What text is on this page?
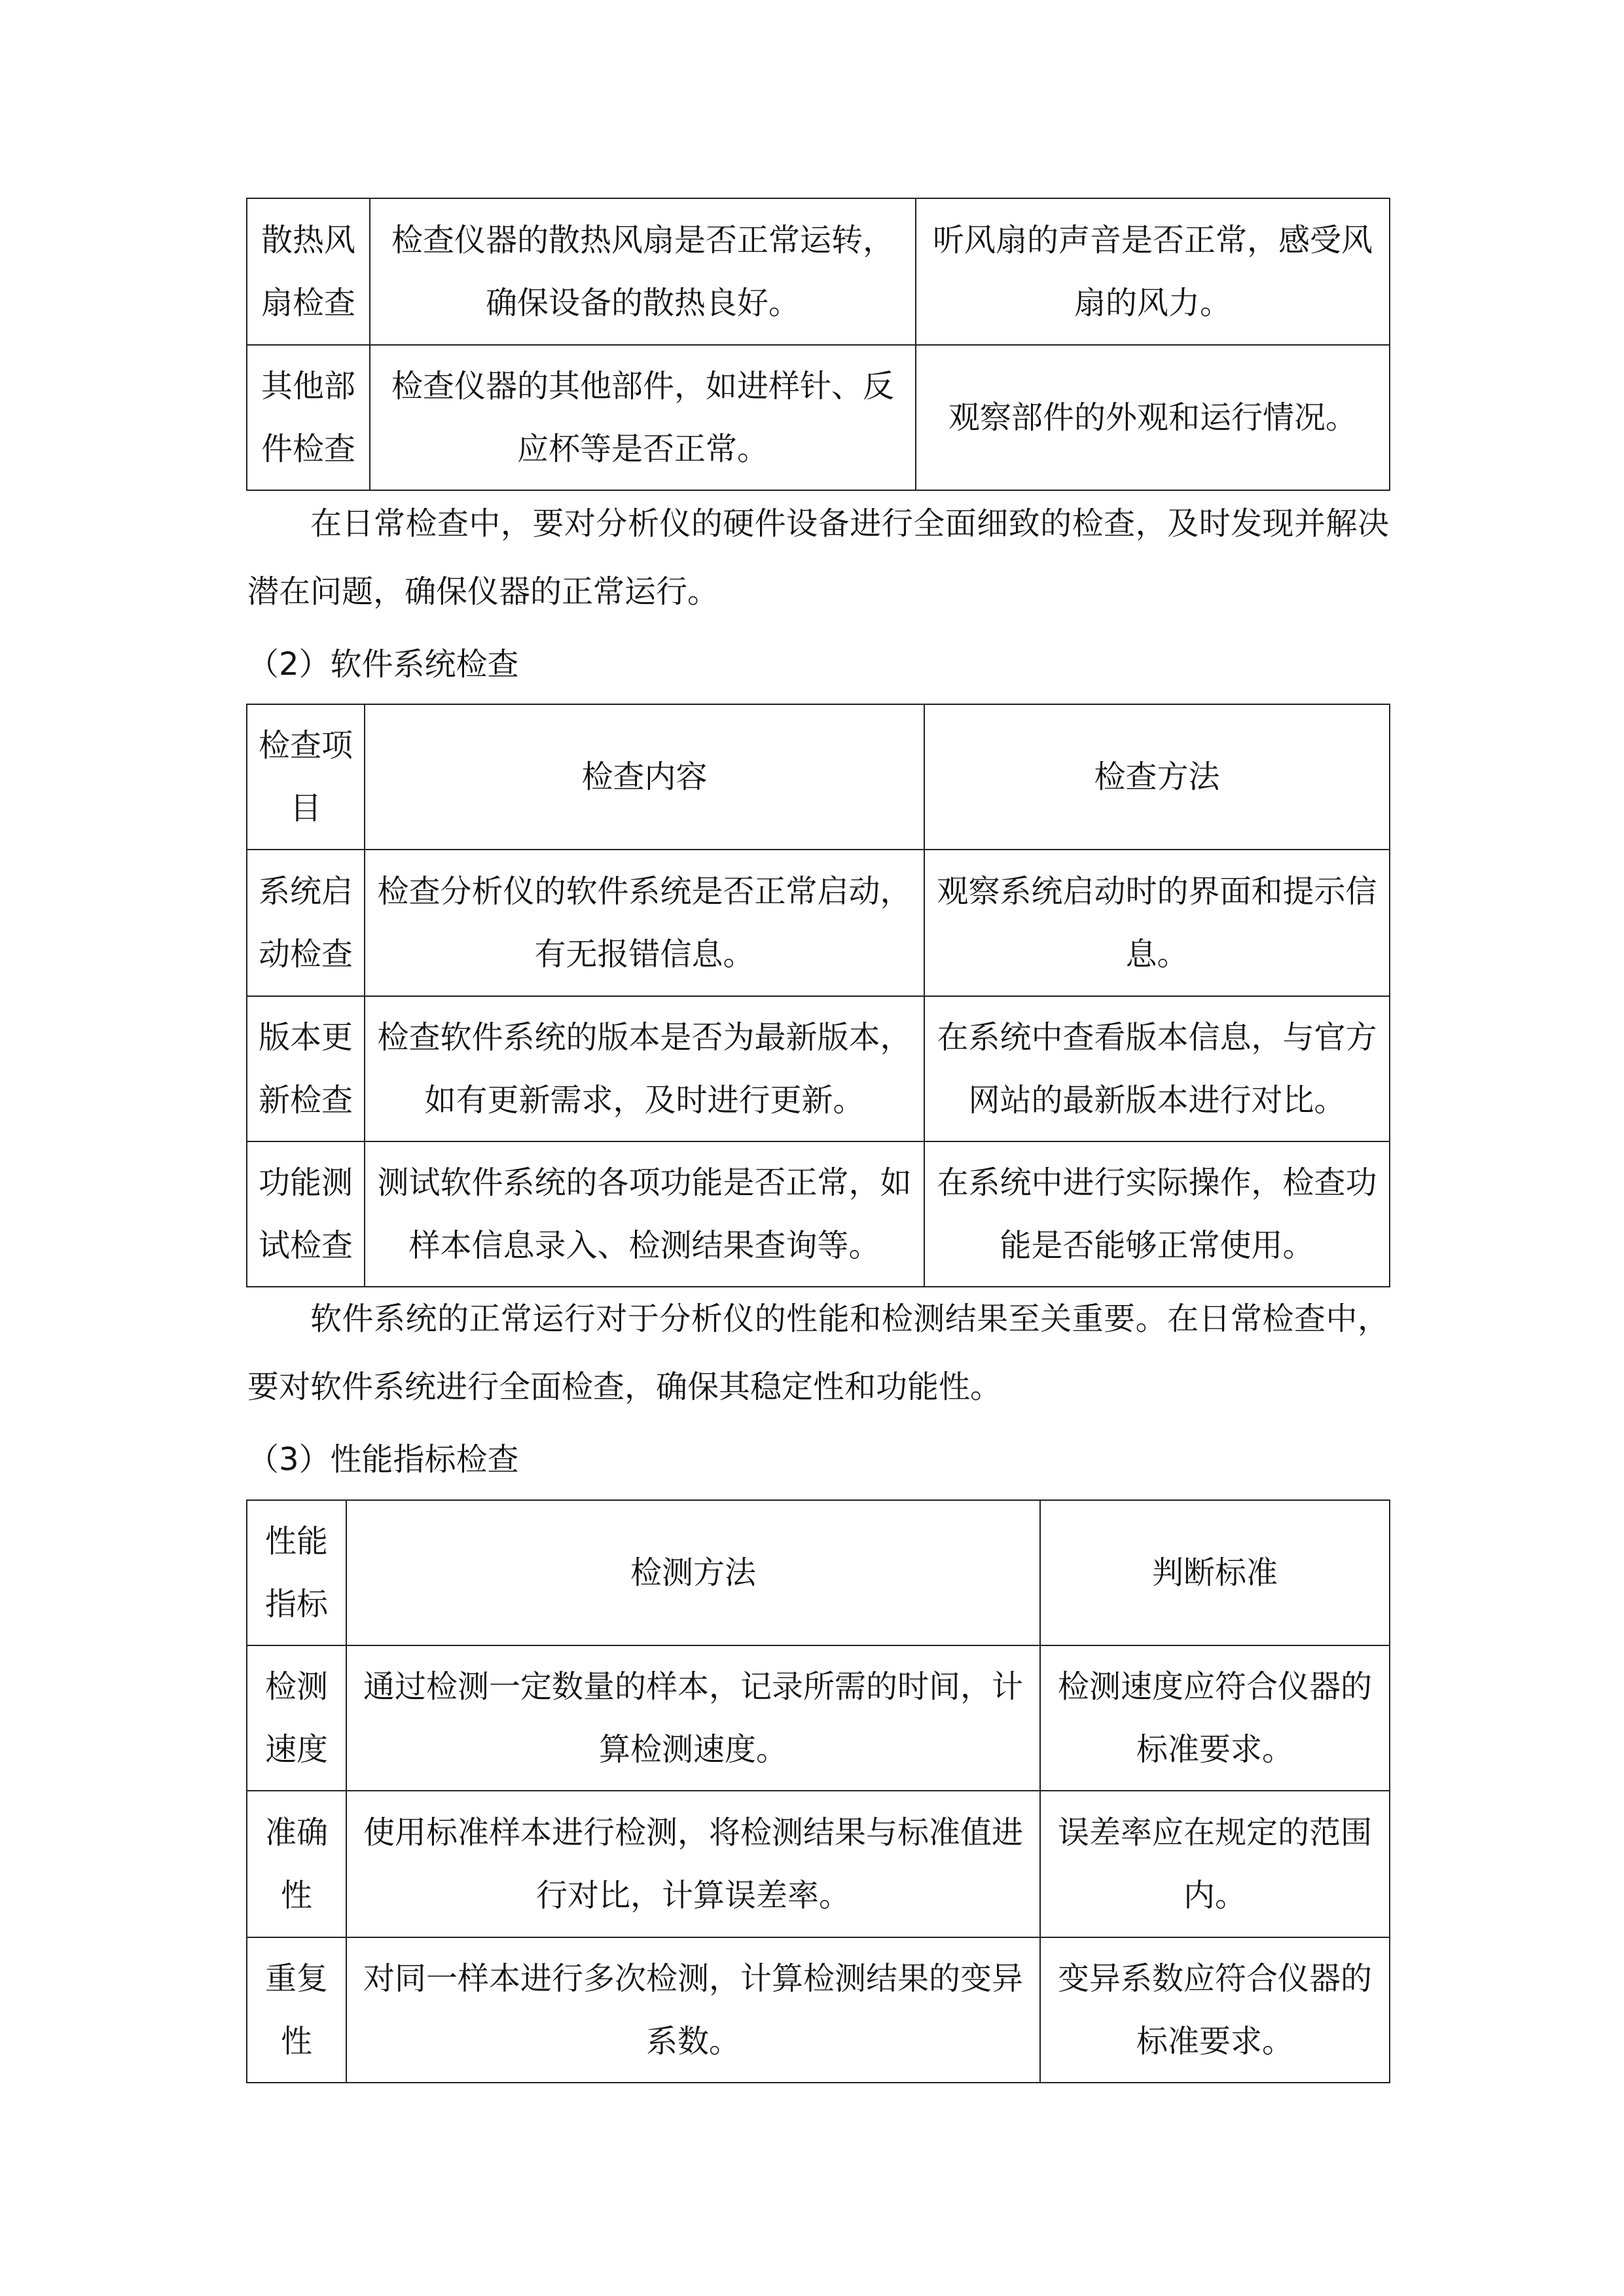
散热风扇检查	检查仪器的散热风扇是否正常运转，确保设备的散热良好。	听风扇的声音是否正常，感受风扇的风力。
其他部件检查	检查仪器的其他部件，如进样针、反应杯等是否正常。	观察部件的外观和运行情况。

在日常检查中，要对分析仪的硬件设备进行全面细致的检查，及时发现并解决潜在问题，确保仪器的正常运行。

（2）软件系统检查

检查项目	检查内容	检查方法
系统启动检查	检查分析仪的软件系统是否正常启动，有无报错信息。	观察系统启动时的界面和提示信息。
版本更新检查	检查软件系统的版本是否为最新版本，如有更新需求，及时进行更新。	在系统中查看版本信息，与官方网站的最新版本进行对比。
功能测试检查	测试软件系统的各项功能是否正常，如样本信息录入、检测结果查询等。	在系统中进行实际操作，检查功能是否能够正常使用。

软件系统的正常运行对于分析仪的性能和检测结果至关重要。在日常检查中，要对软件系统进行全面检查，确保其稳定性和功能性。

（3）性能指标检查

性能指标	检测方法	判断标准
检测速度	通过检测一定数量的样本，记录所需的时间，计算检测速度。	检测速度应符合仪器的标准要求。
准确性	使用标准样本进行检测，将检测结果与标准值进行对比，计算误差率。	误差率应在规定的范围内。
重复性	对同一样本进行多次检测，计算检测结果的变异系数。	变异系数应符合仪器的标准要求。
